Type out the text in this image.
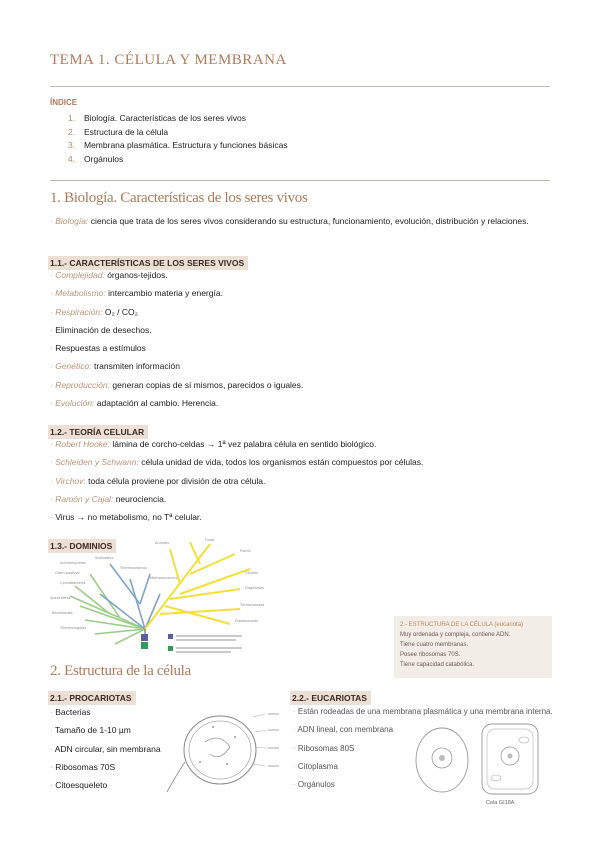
TEMA 1. CÉLULA Y MEMBRANA
ÍNDICE
1. Biología. Características de los seres vivos
2. Estructura de la célula
3. Membrana plasmática. Estructura y funciones básicas
4. Orgánulos
1. Biología. Características de los seres vivos
· Biología: ciencia que trata de los seres vivos considerando su estructura, funcionamiento, evolución, distribución y relaciones.
1.1.- CARACTERÍSTICAS DE LOS SERES VIVOS
· Complejidad: órganos-tejidos.
· Metabolismo: intercambio materia y energía.
· Respiración: O₂ / CO₂
· Eliminación de desechos.
· Respuestas a estímulos
· Genético: transmiten información
· Reproducción: generan copias de sí mismos, parecidos o iguales.
· Evolución: adaptación al cambio. Herencia.
1.2.- TEORÍA CELULAR
· Robert Hooke: lámina de corcho-celdas → 1ª vez palabra célula en sentido biológico.
· Schleiden y Schwann: célula unidad de vida, todos los organismos están compuestos por células.
· Virchov: toda célula proviene por división de otra célula.
· Ramón y Cajal: neurociencia.
· Virus → no metabolismo, no Tª celular.
1.3.- DOMINIOS
Actinomycetes
Gram-positive
Cyanobacteria
Spirochetes
Bacteroides
Thermotogales
Sulfolobus
Thermoproteus
Methanococcus
Animals
Fungi
Plants
Ciliates
Flagellates
Trichomonads
Diplomonads
2.- ESTRUCTURA DE LA CÉLULA (eucariota)
Muy ordenada y compleja, contiene ADN.
Tiene cuatro membranas.
Posee ribosomas 70S.
Tiene capacidad catabólica.
2. Estructura de la célula
2.1.- PROCARIOTAS
· Bacterias
· Tamaño de 1-10 µm
· ADN circular, sin membrana
· Ribosomas 70S
· Citoesqueleto
2.2.- EUCARIOTAS
· Están rodeadas de una membrana plasmática y una membrana interna.
· ADN lineal, con membrana
· Ribosomas 80S
· Citoplasma
· Orgánulos
Cela GI18A
